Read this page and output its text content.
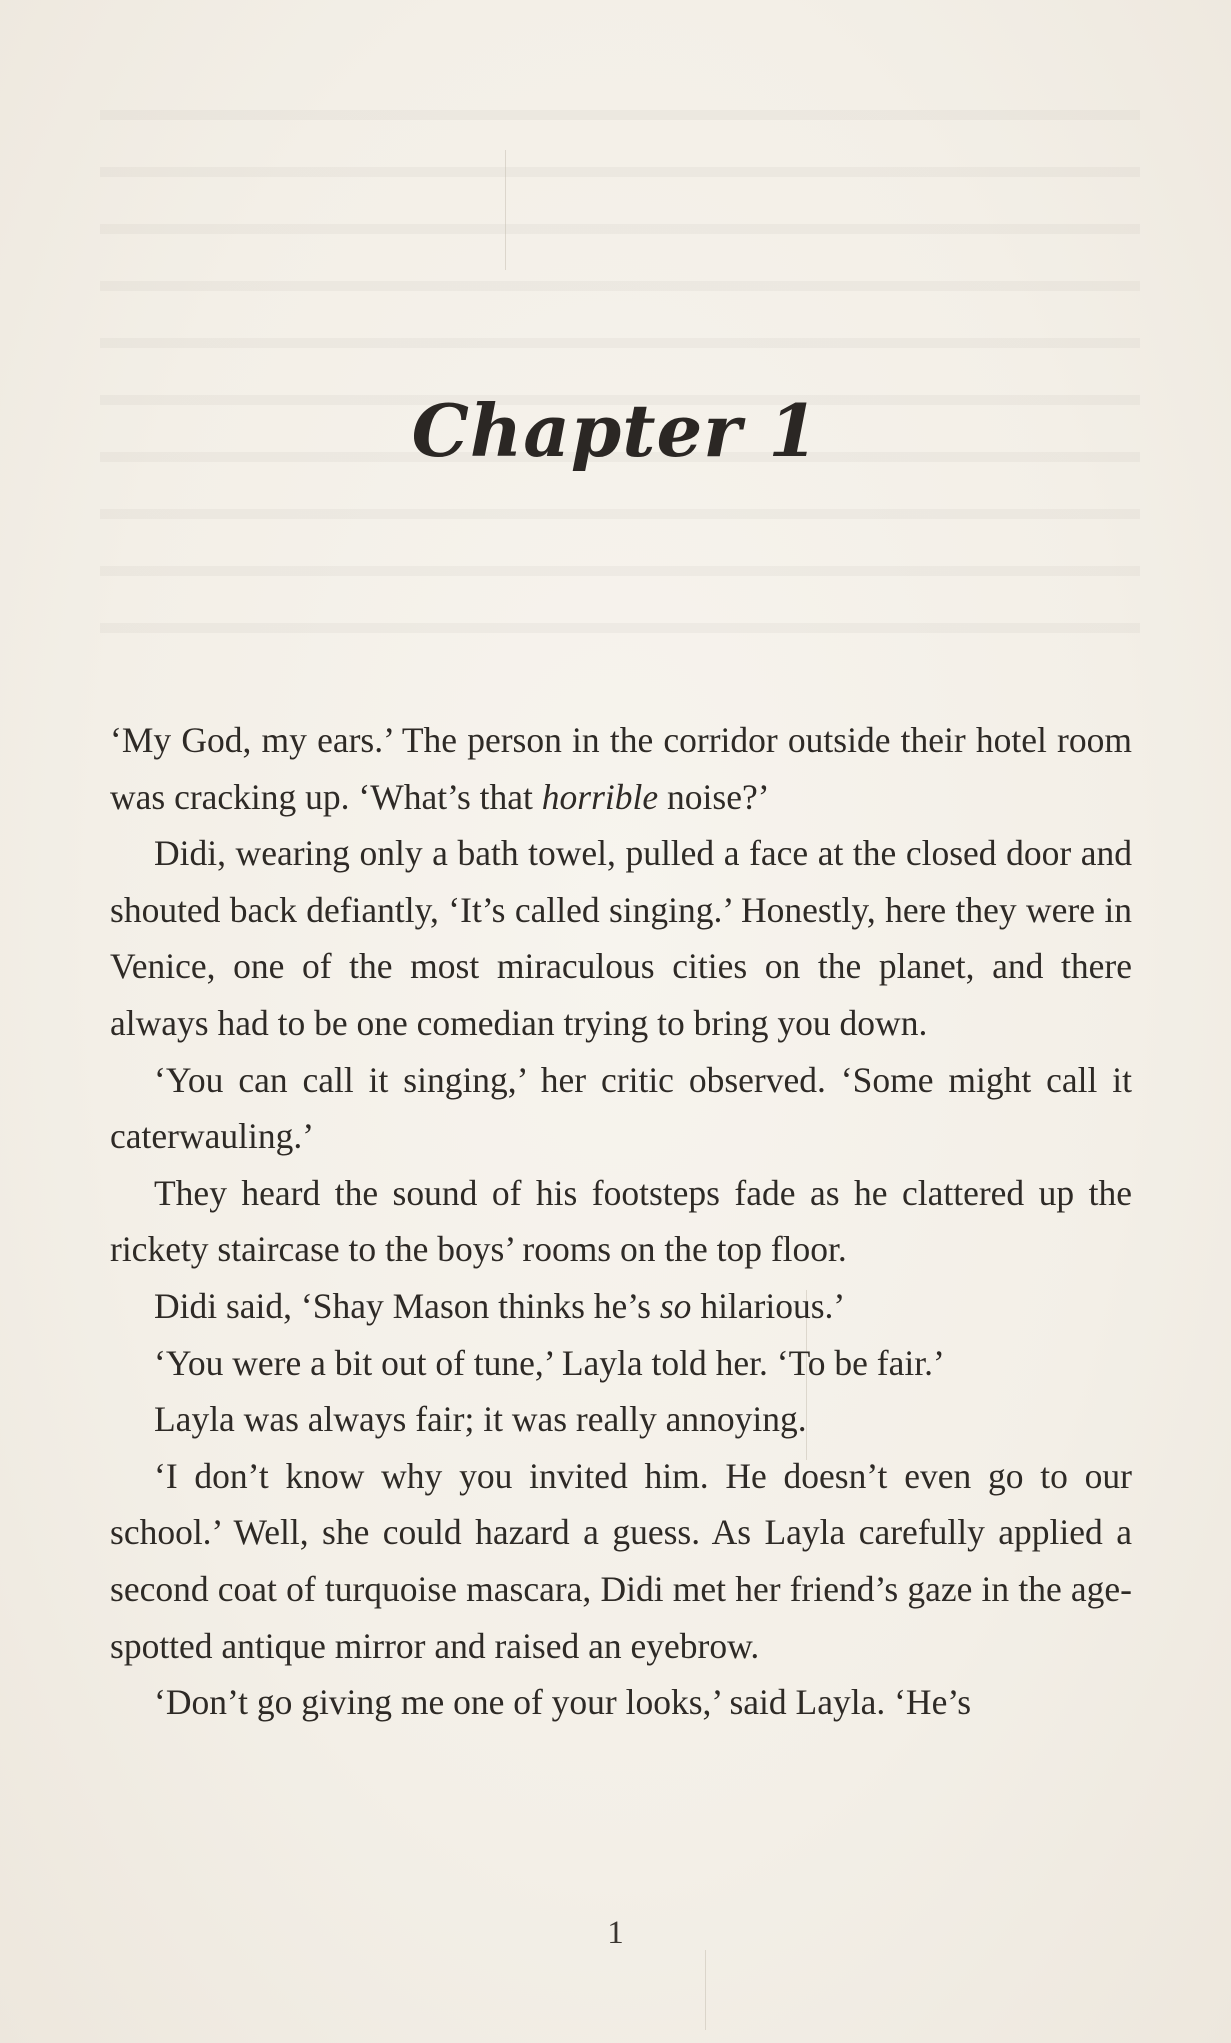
Chapter 1

‘My God, my ears.’ The person in the corridor outside their hotel room was cracking up. ‘What’s that horrible noise?’

Didi, wearing only a bath towel, pulled a face at the closed door and shouted back defiantly, ‘It’s called singing.’ Honestly, here they were in Venice, one of the most miraculous cities on the planet, and there always had to be one comedian trying to bring you down.

‘You can call it singing,’ her critic observed. ‘Some might call it caterwauling.’

They heard the sound of his footsteps fade as he clattered up the rickety staircase to the boys’ rooms on the top floor.

Didi said, ‘Shay Mason thinks he’s so hilarious.’

‘You were a bit out of tune,’ Layla told her. ‘To be fair.’

Layla was always fair; it was really annoying.

‘I don’t know why you invited him. He doesn’t even go to our school.’ Well, she could hazard a guess. As Layla carefully applied a second coat of turquoise mascara, Didi met her friend’s gaze in the age-spotted antique mirror and raised an eyebrow.

‘Don’t go giving me one of your looks,’ said Layla. ‘He’s

1
